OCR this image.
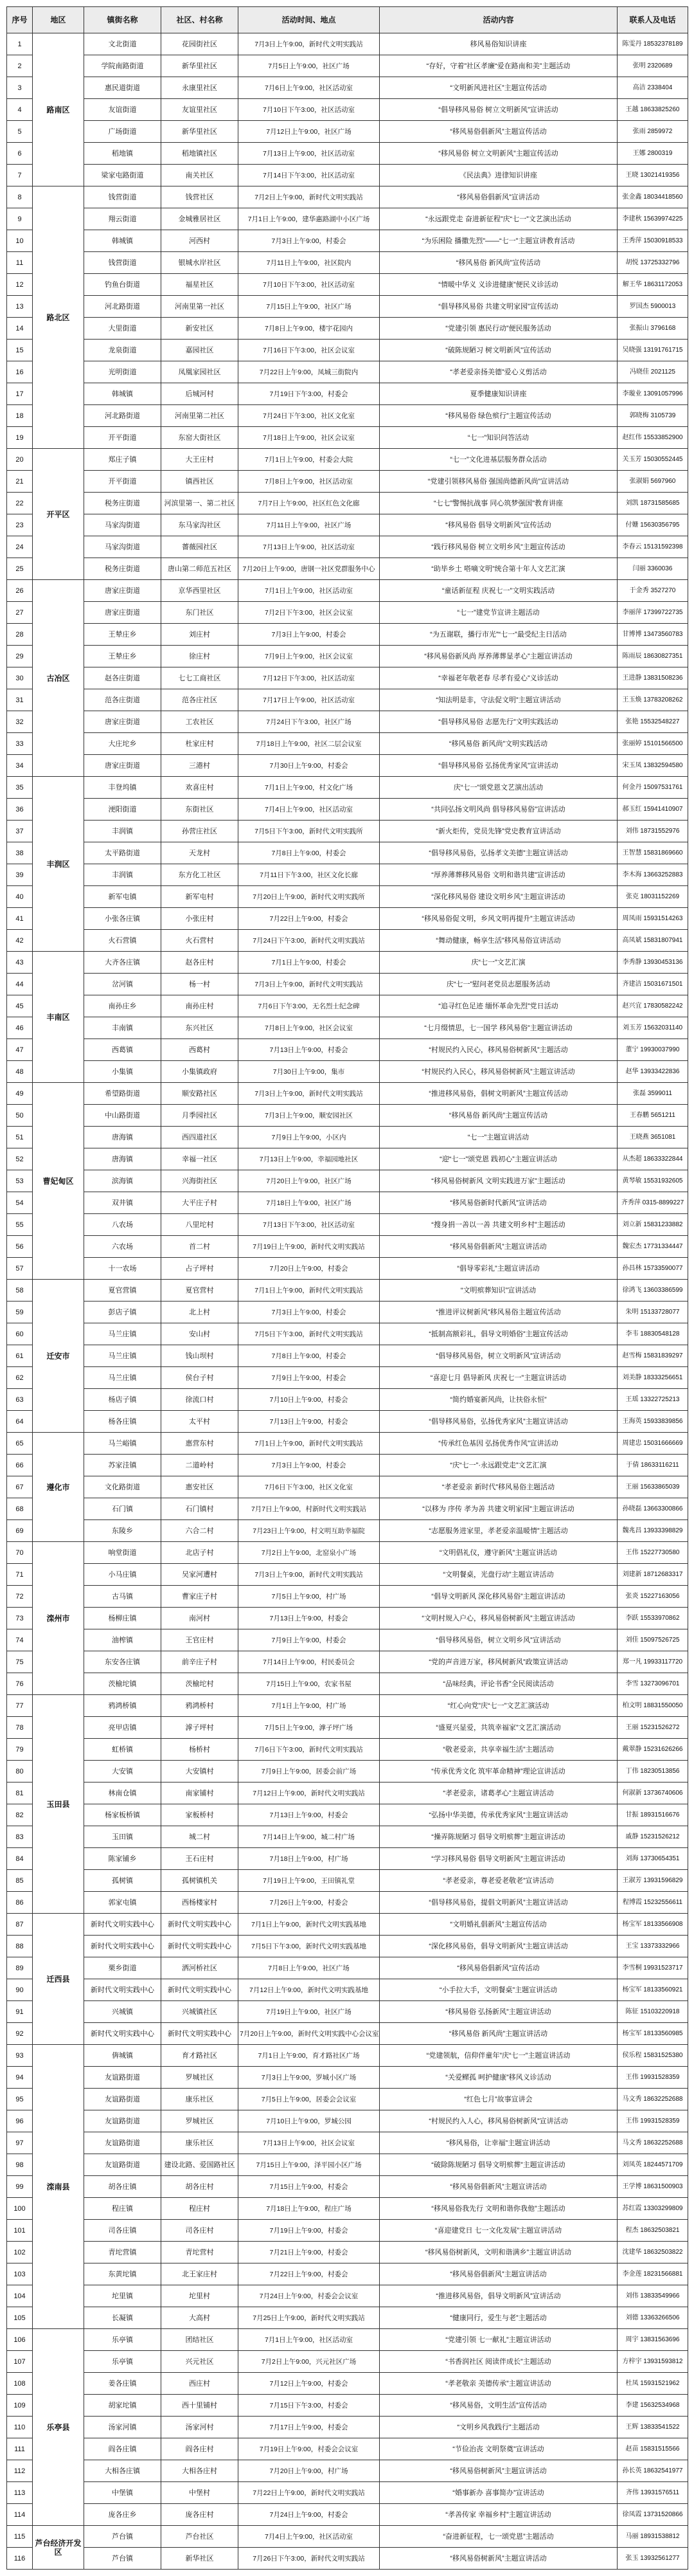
序号	地区	镇街名称	社区、村名称	活动时间、地点	活动内容	联系人及电话
1	路南区	文北街道	花园街社区	7月3日上午9:00，新时代文明实践站	移风易俗知识讲座	陈雯丹 18532378189
2		学院南路街道	新华里社区	7月5日上午9:00，社区广场	“存好，守着”社区孝廉“爱在路南和美”主题活动	张明 2320689
3		惠民道街道	永康里社区	7月6日上午9:00，社区活动室	“文明新风进社区”主题宣传活动	高洁 2338404
4		友谊街道	友谊里社区	7月10日下午3:00，社区活动室	“倡导移风易俗 树立文明新风”宣讲活动	王越 18633825260
5		广场街道	新华里社区	7月12日上午9:00，社区广场	“移风易俗倡新风”主题宣传活动	张雨 2859972
6		稻地镇	稻地镇社区	7月13日上午9:00，社区活动室	“移风易俗 树立文明新风”主题宣传活动	王娜 2800319
7		梁家屯路街道	南关社区	7月14日下午3:00，社区活动室	《民法典》进律知识讲座	王晓 13021419356
8	路北区	钱营街道	钱营社区	7月2日上午9:00，新时代文明实践站	“移风易俗倡新风”宣讲活动	张金鑫 18034418560
9		翔云街道	金城雅居社区	7月1日上午9:00，建华惠路湖中小区广场	“永远跟党走 奋进新征程”庆“七一”文艺演出活动	李建秋 15639974225
10		韩城镇	河西村	7月3日上午9:00，村委会	“为乐困险 播撒先烈”——“七一”主题宣讲教育活动	王秀萍 15030918533
11		钱营街道	银城水岸社区	7月11日上午9:00，社区院内	“移风易俗 新风尚”宣传活动	胡悦 13725332796
12		钓鱼台街道	福星社区	7月10日下午3:00，社区活动室	“情暖中华义 义诊进健康”便民义诊活动	解王华 18631172053
13		河北路街道	河南里第一社区	7月15日上午9:00，社区广场	“倡导移风易俗 共建文明家园”宣传活动	罗国杰 5900013
14		大里街道	新安社区	7月8日上午9:00，楼宇花园内	“党建引领 惠民行动”便民服务活动	张振山 3796168
15		龙泉街道	嘉园社区	7月16日下午3:00，社区会议室	“破陈规陋习 树文明新风”宣传活动	吴晓强 13191761715
16		光明街道	凤凰家园社区	7月22日上午9:00，凤城三街院内	“孝老爱亲扬美德”爱心义剪活动	冯晓佳 2021125
17		韩城镇	后城河村	7月19日下午3:00，村委会	夏季健康知识讲座	李璇业 13091057996
18		河北路街道	河南里第二社区	7月24日下午3:00，社区文化室	“移风易俗 绿色殡行”主题宣传活动	郭晓梅 3105739
19		开平街道	东窑大街社区	7月18日上午9:00，社区会议室	“七一”知识问答活动	赵红伟 15533852900
20	开平区	郑庄子镇	大王庄村	7月1日上午9:00，村委会大院	“七一”文化进基层服务群众活动	关玉芳 15030552445
21		开平街道	镇西社区	7月8日上午9:00，社区活动室	“党建引领移风易俗 强国尚德新风尚”宣讲活动	张淑娟 5697960
22		税务庄街道	河滨里第一、第二社区	7月7日上午9:00，社区红色文化廊	“七七”警惕抗战事 同心筑梦强国”教育讲座	刘凯 18731585685
23		马家沟街道	东马家沟社区	7月11日上午9:00，社区广场	“移风易俗 倡导文明新风”宣传活动	付姗 15630356795
24		马家沟街道	薔薇园社区	7月13日上午9:00，社区活动室	“践行移风易俗 树立文明乡风”主题宣传活动	李春云 15131592398
25		税务庄街道	唐山第二师范五社区	7月20日上午9:00，唐钢一社区党群服务中心	“助毕乡土 嗒嘀文明”统合第十年人文艺汇演	闫丽 3360036
26	古冶区	唐家庄街道	京华西里社区	7月1日上午9:00，社区活动室	“童话新征程 庆祝七一”文明实践活动	于金秀 3527270
27		唐家庄街道	东门社区	7月2日下午3:00，社区会议室	“七一”建党节宣讲主题活动	李丽萍 17399722735
28		王辇庄乡	刘庄村	7月3日上午9:00，村委会	“为五谢联，播行市光”“七一”最受纪主日活动	甘博博 13473560783
29		王辇庄乡	徐庄村	7月9日上午9:00，社区会议室	“移风易俗新风尚 厚养薄葬显孝心”主题宣讲活动	陈雨辰 18630827351
30		赵各庄街道	七七工商社区	7月12日下午3:00，社区活动室	“幸福老年敬老春 尽孝有爱心”义诊活动	王进静 13831508236
31		范各庄街道	范各庄社区	7月17日上午9:00，社区活动室	“知法明是非，守法促文明”主题宣讲活动	王玉焕 13783208262
32		唐家庄街道	工农社区	7月24日下午3:00，社区广场	“倡导移风易俗 志愿先行”文明实践活动	张艳 15532548227
33		大庄坨乡	杜家庄村	7月18日上午9:00，社区二层会议室	“移风易俗 新风尚”文明实践活动	张丽婷 15101566500
34		唐家庄街道	三港村	7月30日上午9:00，村委会	“倡导移风易俗 弘扬优秀家风”宣讲活动	宋玉凤 13832594580
35	丰润区	丰登坞镇	欢喜庄村	7月1日上午9:00，村文化广场	庆“七一”颂党恩文艺演出活动	何金丹 15097531761
36		浭阳街道	东街社区	7月4日上午9:00，社区活动室	“共同弘扬文明风尚 倡导移风易俗”宣讲活动	郝玉红 15941410907
37		丰润镇	孙营庄社区	7月5日下午3:00，新时代文明实践所	“新火炬传，党员先锋”党史教育宣讲活动	刘伟 18731552976
38		太平路街道	天龙村	7月8日上午9:00，村委会	“倡导移风易俗，弘扬孝文美德”主题宣讲活动	王智慧 15831869660
39		丰润镇	东方化工社区	7月11日下午3:00，社区文化长廊	“厚养薄葬移风易俗 文明和谐共建”宣讲活动	李木海 13663252883
40		新军屯镇	新军屯村	7月20日上午9:00，新时代文明实践所	“深化移风易俗 建设文明乡风”主题宣讲活动	张克 18031152269
41		小张各庄镇	小张庄村	7月22日上午9:00，村委会	“移风易俗促文明，乡风文明再提升”主题宣讲活动	周凤雨 15931514263
42		火石营镇	火石营村	7月24日下午3:00，新时代文明实践站	“舞动健康，畅享生活”移风易俗宣讲活动	高凤斌 15831807941
43	丰南区	大齐各庄镇	赵各庄村	7月1日上午9:00，村委会	庆“七一”文艺汇演	李秀静 13930453136
44		岔河镇	杨一村	7月3日上午9:00，新时代文明实践站	庆“七一”慰问老党员志愿服务活动	齐建洁 15031671501
45		南孙庄乡	南孙庄村	7月6日下午3:00，无名烈士纪念碑	“追寻红色足迹 缅怀革命先烈”党日活动	赵兴宜 17830582242
46		丰南镇	东兴社区	7月8日上午9:00，社区会议室	“七月缀情思，七一国学 移风易俗”主题宣讲活动	刘玉芳 15632031140
47		西葛镇	西葛村	7月13日上午9:00，村委会	“村规民约入民心，移风易俗树新风”主题活动	董宁 19930037990
48		小集镇	小集镇政府	7月30日上午9:00，集市	“村规民约入民心，移风易俗树新风”主题宣讲活动	赵华 13933422836
49	曹妃甸区	希望路街道	顺安路社区	7月3日上午9:00，新时代文明实践站	“推进移风易俗，倡树文明新风”主题宣传活动	张磊 3599011
50		中山路街道	月季园社区	7月3日上午9:00，顺安园社区	“移风易俗 新风尚”主题宣传活动	王春鹏 5651211
51		唐海镇	西四道社区	7月9日上午9:00，小区内	“七一”主题宣讲活动	王晓燕 3651081
52		唐海镇	幸福一社区	7月13日上午9:00，幸福园地社区	“迎“七一”颂党恩 践初心”主题宣讲活动	从杰超 18633322844
53		滨海镇	兴海街社区	7月20日上午9:00，社区广场	“移风易俗树新风 文明实践进万家”主题活动	黄琴敏 15531932605
54		双井镇	大平庄子村	7月18日上午9:00，社区广场	“移风易俗新时代新风”宣讲活动	齐秀萍 0315-8899227
55		八农场	八里坨村	7月13日下午3:00，社区活动室	“搜身捐一善以一善 共建文明乡村”主题活动	刘立新 15831233882
56		六农场	首二村	7月19日上午9:00，新时代文明实践站	“移风易俗倡新风”主题宣讲活动	魏宏杰 17731334447
57		十一农场	占子坪村	7月20日上午9:00，村委会	“倡导零彩礼”主题宣讲活动	孙昌林 15733590077
58	迁安市	夏官营镇	夏官营村	7月1日上午9:00，新时代文明实践站	“文明殡葬知识”宣讲活动	徐鸿飞 13603386599
59		彭店子镇	北上村	7月3日上午9:00，村委会	“推进评议树新风”移风易俗主题宣传活动	朱明 15133728077
60		马兰庄镇	安山村	7月5日下午3:00，新时代文明实践站	“抵制高额彩礼，倡导文明婚俗”主题宣传活动	李韦 18830548128
61		马兰庄镇	钱山坝村	7月8日上午9:00，村委会	“倡导移风易俗，树立文明新风”宣讲活动	赵雪梅 15831839297
62		马兰庄镇	侯台子村	7月9日上午9:00，村委会	“喜迎七月 倡导新风 庆祝七一”主题宣讲活动	刘美静 18333256651
63		杨店子镇	徐流口村	7月10日上午9:00，村委会	“简约婚宴新风尚，让扶俗永恒”	王瑶 13322725213
64		杨各庄镇	太平村	7月13日上午9:00，村委会	“倡导移风易俗，弘扬优秀家风”主题宣讲活动	王海英 15933839856
65	遵化市	马兰峪镇	惠营东村	7月1日上午9:00，新时代文明实践站	“传承红色基因 弘扬优秀作风”宣讲活动	周建忠 15031666669
66		苏家洼镇	二道岭村	7月3日上午9:00，村委会	“庆“七一”·永远跟党走”文艺汇演	于倩 18633116211
67		文化路街道	惠安社区	7月6日下午3:00，社区文化室	“孝老爱亲 新时代”移风易俗主题活动	王丽 15633865039
68		石门镇	石门镇村	7月7日上午9:00，村新时代文明实践站	“以移为 序传 孝为善 共建文明家园”主题宣讲活动	孙晓磊 13663300866
69		东陵乡	六合二村	7月23日上午9:00，村文明互助幸福院	“志愿服务进家里，孝老爱亲温暖情”主题活动	魏兆昌 13933398829
70	滦州市	响堂街道	北店子村	7月2日上午9:00，北窑泉小广场	“文明倡礼仪，遵守新风”主题宣讲活动	王伟 15227730580
71		小马庄镇	吴家河遭村	7月3日上午9:00，新时代文明实践站	“文明餐桌，光盘行动”主题宣讲活动	刘建新 18712683317
72		古马镇	曹家庄子村	7月5日上午9:00，村广场	“倡导文明新风 深化移风易俗”主题宣讲活动	张炎 15227163056
73		杨柳庄镇	南河村	7月13日上午9:00，村委会	“文明村规入户心，移风易俗树新风”主题宣讲活动	李跃 15533970862
74		油榨镇	王官庄村	7月9日上午9:00，村委会	“倡导移风易俗，树立文明乡风”宣讲活动	刘佳 15097526725
75		东安各庄镇	前辛庄子村	7月14日上午9:00，村民委员会	“党的声音进万家，移风树新风”政策宣讲活动	郑一凡 19933117720
76		茨榆坨镇	茨榆坨村	7月15日上午9:00，农家书屋	“品味经典，评论书香”全民阅读活动	李雪 13273096701
77	玉田县	鸦鸿桥镇	鸦鸿桥村	7月1日上午9:00，村广场	“红心向党”庆“七一”文艺汇演活动	柏文明 18831550050
78		亮甲店镇	滹子坪村	7月5日上午9:00，滹子坪广场	“盛夏兴显爱，共筑幸福家”文艺汇演活动	王丽 15231526272
79		虹桥镇	杨桥村	7月6日下午3:00，新时代文明实践站	“敬老爱亲，共享幸福生活”主题活动	戴翠静 15231626266
80		大安镇	大安镇村	7月9日上午9:00，居委会前广场	“传承优秀文化 筑牢革命精神”理论宣讲活动	丁伟 18230513856
81		林南仓镇	南家铺村	7月12日上午9:00，新时代文明实践站	“孝老爱亲，诸葛孝心”主题宣讲活动	何淑新 13736740606
82		杨家板桥镇	家板桥村	7月13日上午9:00，村委会	“弘扬中华美德，传承优秀家风”主题宣讲活动	甘振 18931516676
83		玉田镇	城二村	7月14日上午9:00，城二村广场	“操弄陈规陋习 倡导文明殡葬”主题宣讲活动	戚静 15231526212
84		陈家铺乡	王石庄村	7月18日上午9:00，村广场	“学习移风易俗 倡导文明新风”主题宣讲活动	刘海 13730654351
85		孤树镇	孤树镇机关	7月19日上午9:00，王田镇礼堂	“孝老爱亲，尊老爱老敬老”宣讲活动	王淑芳 13931596829
86		郭家屯镇	西杨楼家村	7月26日上午9:00，村委会	“倡导移风易俗，提倡文明新风”主题宣讲活动	程博霞 15232556611
87	迁西县	新时代文明实践中心	新时代文明实践中心	7月1日上午9:00，新时代文明实践基地	“文明婚礼倡新风”主题宣传活动	杨宝军 18133566908
88		新时代文明实践中心	新时代文明实践中心	7月5日下午3:00，新时代文明实践基地	“深化移风易俗，倡导文明新风”主题宣讲活动	王宝 13373332966
89		栗乡街道	洒河桥社区	7月8日上午9:00，社区广场	“移风易俗倡新风”宣传活动	李雪桐 19931523717
90		新时代文明实践中心	新时代文明实践中心	7月12日上午9:00，新时代文明实践基地	“小手拉大手，文明餐桌”主题宣讲活动	杨宝军 18133560921
91		兴城镇	兴城镇社区	7月19日上午9:00，社区广场	“移风易俗 弘扬新风”主题宣讲活动	陈征 15103220918
92		新时代文明实践中心	新时代文明实践中心	7月20日上午9:00，新时代文明实践中心会议室	“移风易俗 新风尚”主题宣讲活动	杨宝军 18133560985
93	滦南县	倴城镇	育才路社区	7月1日上午9:00，育才路社区广场	“党建领航，信仰伴童年”庆“七一”主题宣讲活动	侯乐程 15831525380
94		友谊路街道	罗城社区	7月3日上午9:00，罗城小区广场	“关爱鳏孤 呵护健康”移风义诊活动	王伟 19931528359
95		友谊路街道	康乐社区	7月5日上午9:00，居委会会议室	“红色七月”故事宣讲会	马文秀 18632252688
96		友谊路街道	罗城社区	7月10日上午9:00，罗城公园	“村规民约入人心，移风易俗树新风”宣讲活动	王伟 19931528359
97		友谊路街道	康乐社区	7月13日上午9:00，社区会议室	“移风易俗，让幸福”主题宣讲活动	马文秀 18632252688
98		友谊路街道	建设北路、爱国路社区	7月15日上午9:00，泽平园小区广场	“破除陈规陋习 倡导文明殡葬”主题宣讲活动	刘凤英 18244571709
99		胡各庄镇	胡各庄村	7月15日上午9:00，村委会	“移风易俗倡新风”主题宣讲活动	王学博 18631500903
100		程庄镇	程庄村	7月18日上午9:00，程庄广场	“移风易俗我先行 文明和谐你我他”主题活动	苏红霞 13303299809
101		司各庄镇	司各庄村	7月19日上午9:00，村委会	“喜迎建党日 七一文化发展”主题宣讲活动	程杰 18632503821
102		青坨营镇	青坨营村	7月21日上午9:00，村委会	“移风易俗树新风，文明和谐满乡”主题宣讲活动	沈建华 18632503822
103		东黄坨镇	北王家庄村	7月22日上午9:00，村委会	“移风易俗倡新风”主题宣讲活动	李金莲 18231566881
104		坨里镇	坨里村	7月24日上午9:00，村委会会议室	“推进移风易俗，倡导文明新风”宣讲活动	刘伟 13833549966
105		长凝镇	大高村	7月25日上午9:00，新时代文明实践站	“健康同行，爱生与老”主题活动	刘德 13363266506
106	乐亭县	乐亭镇	团结社区	7月1日上午9:00，社区活动室	“党建引领 七一献礼”主题宣讲活动	周宇 13831563696
107		乐亭镇	兴元社区	7月2日上午9:00，兴元社区广场	“书香润社区 阅读伴成长”主题活动	方梓宇 13931593812
108		姜各庄镇	西庄村	7月12日上午9:00，村委会	“孝老敬亲 美德传承”主题宣讲活动	杜凤 15931521962
109		胡家坨镇	西十里铺村	7月15日下午3:00，村委会	“移风易俗，文明生活”宣传活动	李建 15632534968
110		汤家河镇	汤家河村	7月17日上午9:00，村委会	“文明乡风我践行”主题活动	王辉 13833541522
111		阎各庄镇	阎各庄村	7月19日上午9:00，村委会会议室	“节俭治丧 文明祭奠”宣讲活动	赵苗 15831515566
112		大相各庄镇	大相各庄村	7月20日上午9:00，村广场	“移风易俗树新风”主题宣讲活动	孙长英 18632541977
113		中堡镇	中堡村	7月22日上午9:00，新时代文明实践站	“婚事新办 喜事简办”宣讲活动	齐伟 13931576511
114		庞各庄乡	庞各庄村	7月24日上午9:00，村委会	“孝善传家 幸福乡村”主题宣讲活动	徐凤霞 13731520866
115	芦台经济开发区	芦台镇	芦台社区	7月4日上午9:00，社区活动室	“奋进新征程，七一颂党恩”主题活动	马丽 18931538812
116		芦台镇	新华社区	7月26日下午3:00，新时代文明实践站	“移风易俗树新风”主题宣讲活动	张玉 13932561277
